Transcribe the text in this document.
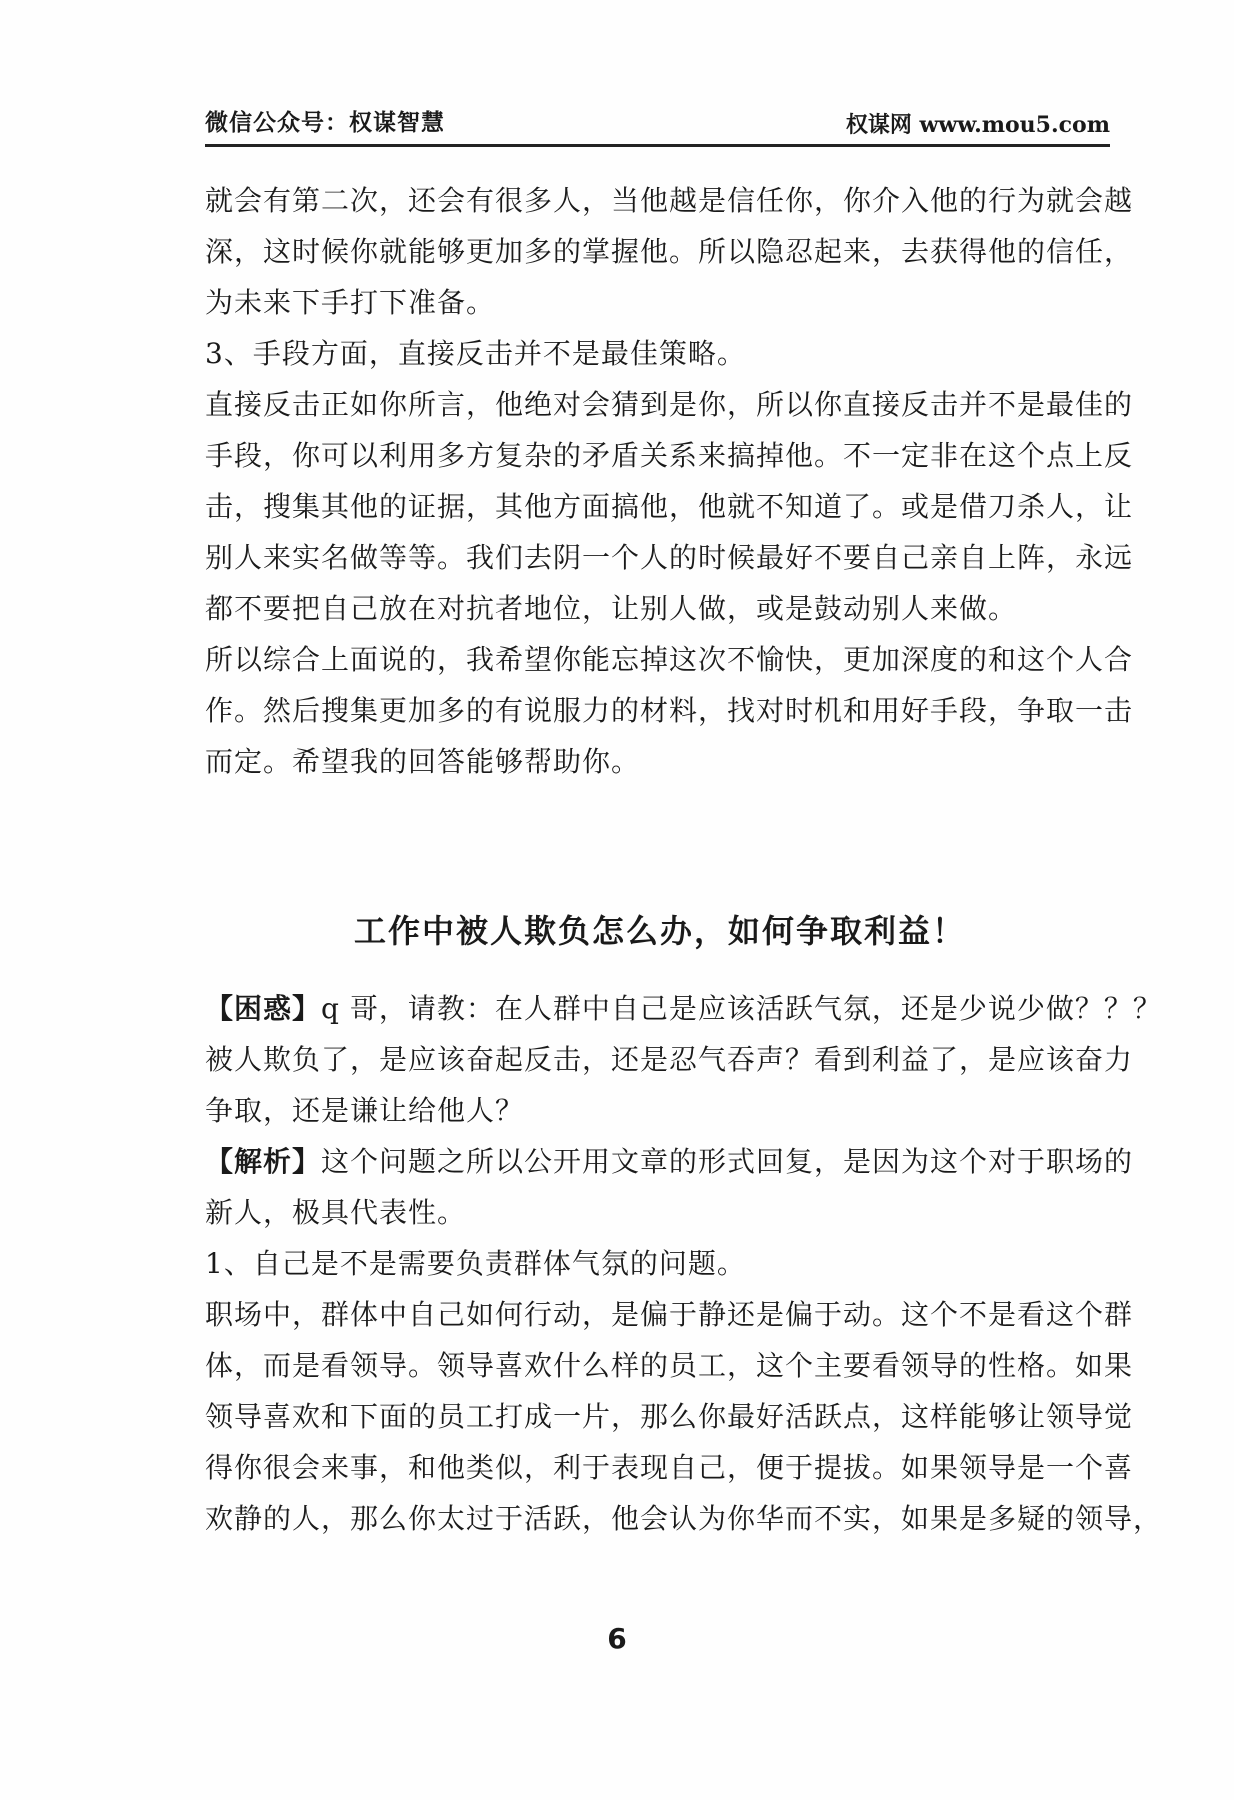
微信公众号：权谋智慧	权谋网 www.mou5.com
就会有第二次，还会有很多人，当他越是信任你，你介入他的行为就会越
深，这时候你就能够更加多的掌握他。所以隐忍起来，去获得他的信任，
为未来下手打下准备。
3、手段方面，直接反击并不是最佳策略。
直接反击正如你所言，他绝对会猜到是你，所以你直接反击并不是最佳的
手段，你可以利用多方复杂的矛盾关系来搞掉他。不一定非在这个点上反
击，搜集其他的证据，其他方面搞他，他就不知道了。或是借刀杀人，让
别人来实名做等等。我们去阴一个人的时候最好不要自己亲自上阵，永远
都不要把自己放在对抗者地位，让别人做，或是鼓动别人来做。
所以综合上面说的，我希望你能忘掉这次不愉快，更加深度的和这个人合
作。然后搜集更加多的有说服力的材料，找对时机和用好手段，争取一击
而定。希望我的回答能够帮助你。
工作中被人欺负怎么办，如何争取利益！
【困惑】q 哥，请教：在人群中自己是应该活跃气氛，还是少说少做？？？
被人欺负了，是应该奋起反击，还是忍气吞声？看到利益了，是应该奋力
争取，还是谦让给他人？
【解析】这个问题之所以公开用文章的形式回复，是因为这个对于职场的
新人，极具代表性。
1、自己是不是需要负责群体气氛的问题。
职场中，群体中自己如何行动，是偏于静还是偏于动。这个不是看这个群
体，而是看领导。领导喜欢什么样的员工，这个主要看领导的性格。如果
领导喜欢和下面的员工打成一片，那么你最好活跃点，这样能够让领导觉
得你很会来事，和他类似，利于表现自己，便于提拔。如果领导是一个喜
欢静的人，那么你太过于活跃，他会认为你华而不实，如果是多疑的领导，
6
